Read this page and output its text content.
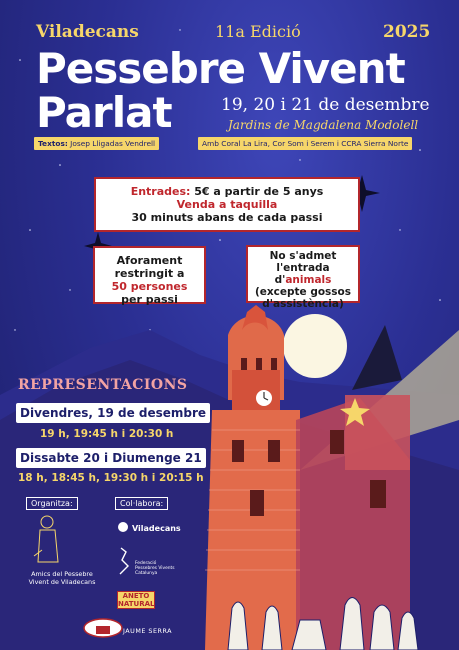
Viladecans	11a Edició	2025
Pessebre Vivent
Parlat	19, 20 i 21 de desembre
Jardins de Magdalena Modolell
Textos: Josep Lligadas Vendrell	Amb Coral La Lira, Cor Som i Serem i CCRA Sierra Norte
Entrades: 5€ a partir de 5 anys
Venda a taquilla
30 minuts abans de cada passi
Aforament
restringit a
50 persones
per passi
No s'admet
l'entrada
d'animals
(excepte gossos
d'assistència)
REPRESENTACIONS
Divendres, 19 de desembre
19 h, 19:45 h i 20:30 h
Dissabte 20 i Diumenge 21
18 h, 18:45 h, 19:30 h i 20:15 h
Organitza:	Col·labora:
Amics del Pessebre Vivent de Viladecans
Viladecans
Federació Pessebres Vivents Catalunya
ANETO NATURAL
JAUME SERRA
